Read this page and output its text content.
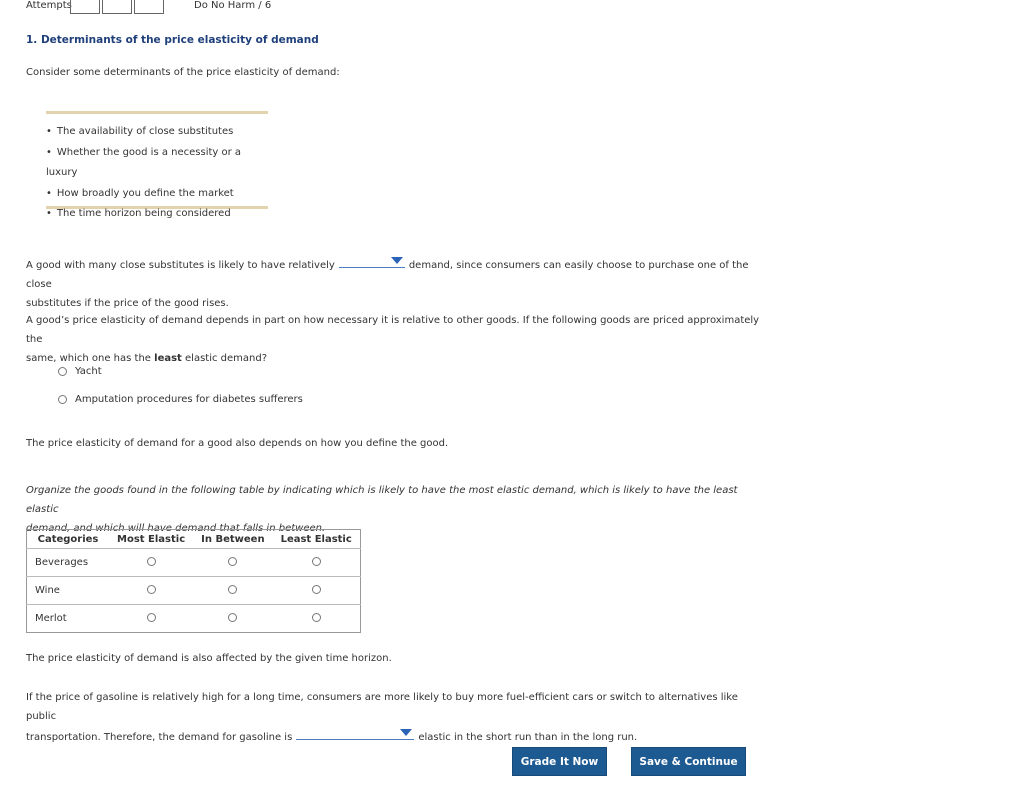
Attempts	Do No Harm / 6
1. Determinants of the price elasticity of demand
Consider some determinants of the price elasticity of demand:
• The availability of close substitutes
• Whether the good is a necessity or a luxury
• How broadly you define the market
• The time horizon being considered
A good with many close substitutes is likely to have relatively	demand, since consumers can easily choose to purchase one of the close
substitutes if the price of the good rises.
A good’s price elasticity of demand depends in part on how necessary it is relative to other goods. If the following goods are priced approximately the
same, which one has the least elastic demand?
Yacht
Amputation procedures for diabetes sufferers
The price elasticity of demand for a good also depends on how you define the good.
Organize the goods found in the following table by indicating which is likely to have the most elastic demand, which is likely to have the least elastic
demand, and which will have demand that falls in between.
Categories	Most Elastic	In Between	Least Elastic
Beverages			
Wine			
Merlot			
The price elasticity of demand is also affected by the given time horizon.
If the price of gasoline is relatively high for a long time, consumers are more likely to buy more fuel-efficient cars or switch to alternatives like public
transportation. Therefore, the demand for gasoline is	elastic in the short run than in the long run.
Grade It Now	Save & Continue
